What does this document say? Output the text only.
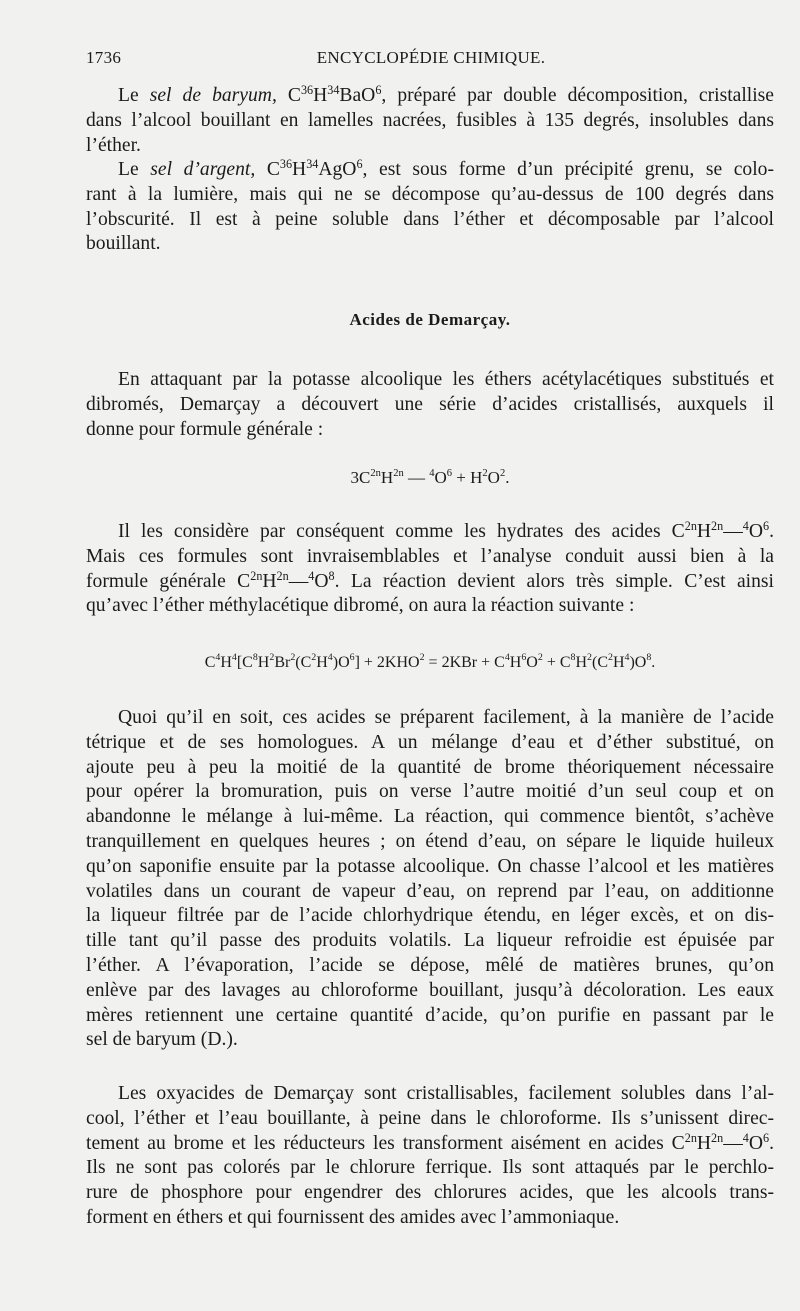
1736	ENCYCLOPÉDIE CHIMIQUE.
Le sel de baryum, $C^{36}H^{34}BaO^6$, préparé par double décomposition, cristallise
dans l’alcool bouillant en lamelles nacrées, fusibles à 135 degrés, insolubles dans
l’éther.
Le sel d’argent, $C^{36}H^{34}AgO^6$, est sous forme d’un précipité grenu, se colo-
rant à la lumière, mais qui ne se décompose qu’au-dessus de 100 degrés dans
l’obscurité. Il est à peine soluble dans l’éther et décomposable par l’alcool
bouillant.
Acides de Demarçay.
En attaquant par la potasse alcoolique les éthers acétylacétiques substitués et
dibromés, Demarçay a découvert une série d’acides cristallisés, auxquels il
donne pour formule générale :
$3C^{2n}H^{2n}$ — $^4O^6 + H^2O^2$.
Il les considère par conséquent comme les hydrates des acides $C^{2n}H^{2n}—^4O^6$.
Mais ces formules sont invraisemblables et l’analyse conduit aussi bien à la
formule générale $C^{2n}H^{2n}—^4O^8$. La réaction devient alors très simple. C’est ainsi
qu’avec l’éther méthylacétique dibromé, on aura la réaction suivante :
$C^4H^4[C^8H^2Br^2(C^2H^4)O^6] + 2KHO^2 = 2KBr + C^4H^6O^2 + C^8H^2(C^2H^4)O^8$.
Quoi qu’il en soit, ces acides se préparent facilement, à la manière de l’acide
tétrique et de ses homologues. A un mélange d’eau et d’éther substitué, on
ajoute peu à peu la moitié de la quantité de brome théoriquement nécessaire
pour opérer la bromuration, puis on verse l’autre moitié d’un seul coup et on
abandonne le mélange à lui-même. La réaction, qui commence bientôt, s’achève
tranquillement en quelques heures ; on étend d’eau, on sépare le liquide huileux
qu’on saponifie ensuite par la potasse alcoolique. On chasse l’alcool et les matières
volatiles dans un courant de vapeur d’eau, on reprend par l’eau, on additionne
la liqueur filtrée par de l’acide chlorhydrique étendu, en léger excès, et on dis-
tille tant qu’il passe des produits volatils. La liqueur refroidie est épuisée par
l’éther. A l’évaporation, l’acide se dépose, mêlé de matières brunes, qu’on
enlève par des lavages au chloroforme bouillant, jusqu’à décoloration. Les eaux
mères retiennent une certaine quantité d’acide, qu’on purifie en passant par le
sel de baryum (D.).
Les oxyacides de Demarçay sont cristallisables, facilement solubles dans l’al-
cool, l’éther et l’eau bouillante, à peine dans le chloroforme. Ils s’unissent direc-
tement au brome et les réducteurs les transforment aisément en acides $C^{2n}H^{2n}—^4O^6$.
Ils ne sont pas colorés par le chlorure ferrique. Ils sont attaqués par le perchlo-
rure de phosphore pour engendrer des chlorures acides, que les alcools trans-
forment en éthers et qui fournissent des amides avec l’ammoniaque.
